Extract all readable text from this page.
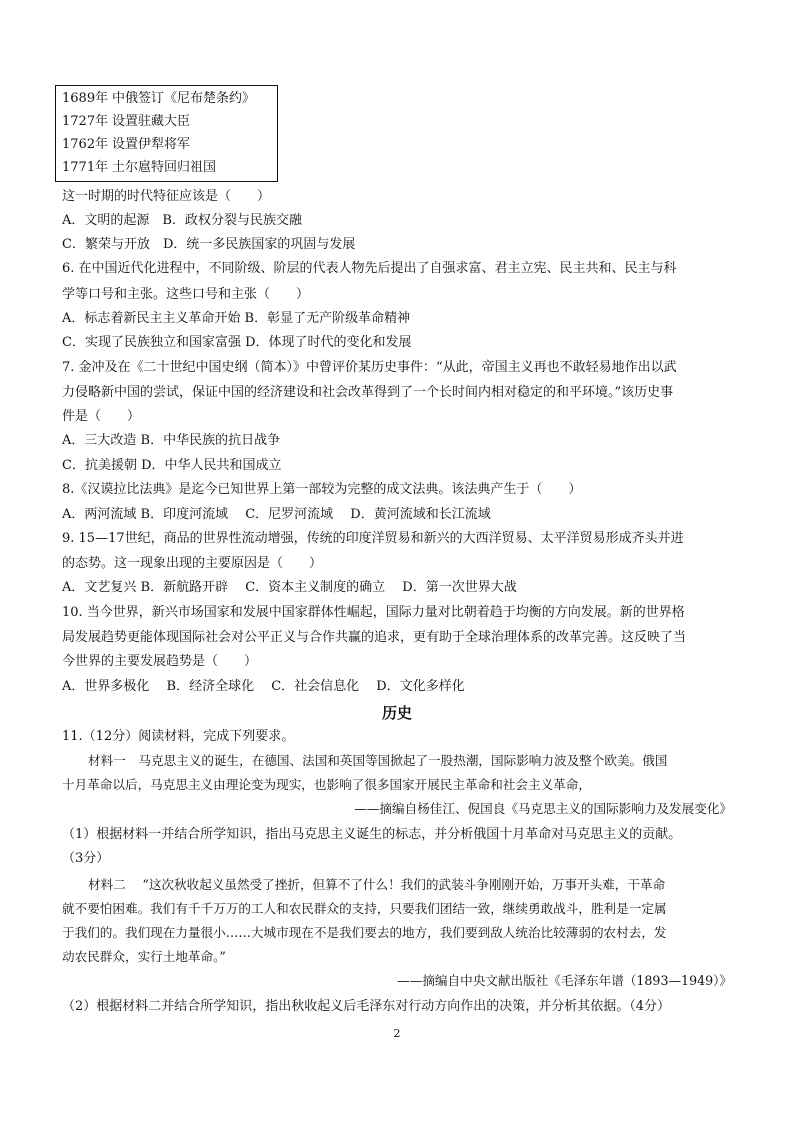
1689年 中俄签订《尼布楚条约》
1727年 设置驻藏大臣
1762年 设置伊犁将军
1771年 土尔扈特回归祖国
这一时期的时代特征应该是（　　）
A．文明的起源　B．政权分裂与民族交融
C．繁荣与开放　D．统一多民族国家的巩固与发展
6. 在中国近代化进程中，不同阶级、阶层的代表人物先后提出了自强求富、君主立宪、民主共和、民主与科
学等口号和主张。这些口号和主张（　　）
A．标志着新民主主义革命开始 B．彰显了无产阶级革命精神
C．实现了民族独立和国家富强 D．体现了时代的变化和发展
7. 金冲及在《二十世纪中国史纲（简本）》中曾评价某历史事件：“从此，帝国主义再也不敢轻易地作出以武
力侵略新中国的尝试，保证中国的经济建设和社会改革得到了一个长时间内相对稳定的和平环境。”该历史事
件是（　　）
A．三大改造 B．中华民族的抗日战争
C．抗美援朝 D．中华人民共和国成立
8.《汉谟拉比法典》是迄今已知世界上第一部较为完整的成文法典。该法典产生于（　　）
A．两河流域 B．印度河流域　 C．尼罗河流域　 D．黄河流域和长江流域
9. 15—17世纪，商品的世界性流动增强，传统的印度洋贸易和新兴的大西洋贸易、太平洋贸易形成齐头并进
的态势。这一现象出现的主要原因是（　　）
A．文艺复兴 B．新航路开辟　 C．资本主义制度的确立　 D．第一次世界大战
10. 当今世界，新兴市场国家和发展中国家群体性崛起，国际力量对比朝着趋于均衡的方向发展。新的世界格
局发展趋势更能体现国际社会对公平正义与合作共赢的追求，更有助于全球治理体系的改革完善。这反映了当
今世界的主要发展趋势是（　　）
A．世界多极化　 B．经济全球化　 C．社会信息化　 D．文化多样化
历史
11.（12分）阅读材料，完成下列要求。
材料一　马克思主义的诞生，在德国、法国和英国等国掀起了一股热潮，国际影响力波及整个欧美。俄国
十月革命以后，马克思主义由理论变为现实，也影响了很多国家开展民主革命和社会主义革命，
——摘编自杨佳江、倪国良《马克思主义的国际影响力及发展变化》
（1）根据材料一并结合所学知识，指出马克思主义诞生的标志，并分析俄国十月革命对马克思主义的贡献。
（3分）
材料二　 “这次秋收起义虽然受了挫折，但算不了什么！我们的武装斗争刚刚开始，万事开头难，干革命
就不要怕困难。我们有千千万万的工人和农民群众的支持，只要我们团结一致，继续勇敢战斗，胜利是一定属
于我们的。我们现在力量很小……大城市现在不是我们要去的地方，我们要到敌人统治比较薄弱的农村去，发
动农民群众，实行土地革命。”
——摘编自中央文献出版社《毛泽东年谱（1893—1949）》
（2）根据材料二并结合所学知识，指出秋收起义后毛泽东对行动方向作出的决策，并分析其依据。（4分）
2
